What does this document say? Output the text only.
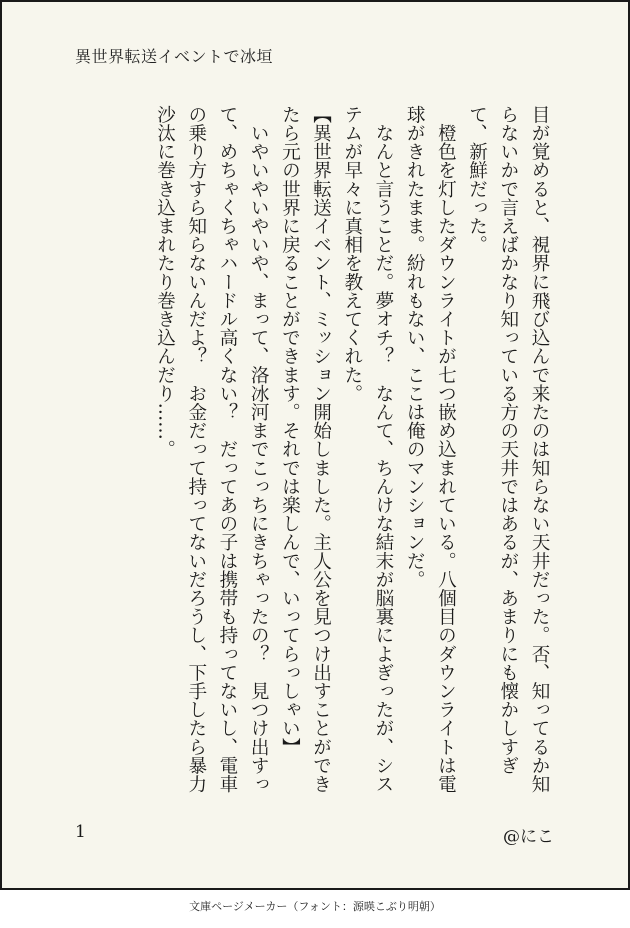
異世界転送イベントで冰垣

目が覚めると、視界に飛び込んで来たのは知らない天井だった。否、知ってるか知らないかで言えばかなり知っている方の天井ではあるが、あまりにも懐かしすぎて、新鮮だった。

　橙色を灯したダウンライトが七つ嵌め込まれている。八個目のダウンライトは電球がきれたまま。紛れもない、ここは俺のマンションだ。

　なんと言うことだ。夢オチ？　なんて、ちんけな結末が脳裏によぎったが、システムが早々に真相を教えてくれた。

【異世界転送イベント、ミッション開始しました。主人公を見つけ出すことができたら元の世界に戻ることができます。それでは楽しんで、いってらっしゃい】

　いやいやいやいや、まって、洛冰河までこっちにきちゃったの？　見つけ出すって、めちゃくちゃハードル高くない？　だってあの子は携帯も持ってないし、電車の乗り方すら知らないんだよ？　お金だって持ってないだろうし、下手したら暴力沙汰に巻き込まれたり巻き込んだり……。

1	@にこ
文庫ページメーカー（フォント：源暎こぶり明朝）
